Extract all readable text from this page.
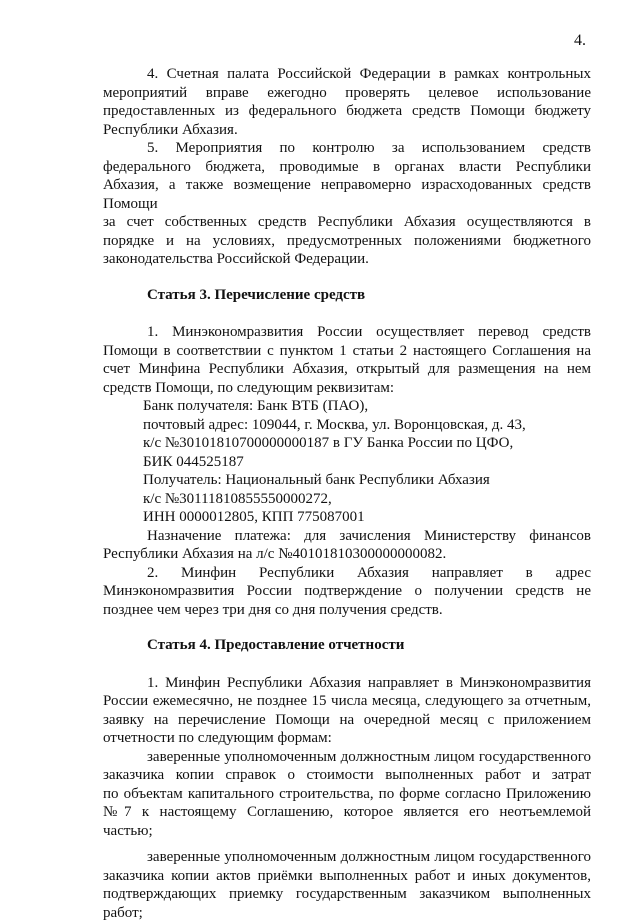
4.

4. Счетная палата Российской Федерации в рамках контрольных

мероприятий вправе ежегодно проверять целевое использование

предоставленных из федерального бюджета средств Помощи бюджету

Республики Абхазия.

5. Мероприятия по контролю за использованием средств

федерального бюджета, проводимые в органах власти Республики

Абхазия, а также возмещение неправомерно израсходованных средств

Помощи

за счет собственных средств Республики Абхазия осуществляются в

порядке и на условиях, предусмотренных положениями бюджетного

законодательства Российской Федерации.

Статья 3. Перечисление средств

1. Минэкономразвития России осуществляет перевод средств

Помощи в соответствии с пунктом 1 статьи 2 настоящего Соглашения на

счет Минфина Республики Абхазия, открытый для размещения на нем

средств Помощи, по следующим реквизитам:

Банк получателя: Банк ВТБ (ПАО),

почтовый адрес: 109044, г. Москва, ул. Воронцовская, д. 43,

к/с №30101810700000000187 в ГУ Банка России по ЦФО,

БИК 044525187

Получатель: Национальный банк Республики Абхазия

к/с №30111810855550000272,

ИНН 0000012805, КПП 775087001

Назначение платежа: для зачисления Министерству финансов

Республики Абхазия на л/с №40101810300000000082.

2. Минфин Республики Абхазия направляет в адрес

Минэкономразвития России подтверждение о получении средств не

позднее чем через три дня со дня получения средств.

Статья 4. Предоставление отчетности

1. Минфин Республики Абхазия направляет в Минэкономразвития

России ежемесячно, не позднее 15 числа месяца, следующего за отчетным,

заявку на перечисление Помощи на очередной месяц с приложением

отчетности по следующим формам:

заверенные уполномоченным должностным лицом государственного

заказчика копии справок о стоимости выполненных работ и затрат

по объектам капитального строительства, по форме согласно Приложению

№7 к настоящему Соглашению, которое является его неотъемлемой

частью;

заверенные уполномоченным должностным лицом государственного

заказчика копии актов приёмки выполненных работ и иных документов,

подтверждающих приемку государственным заказчиком выполненных

работ;
